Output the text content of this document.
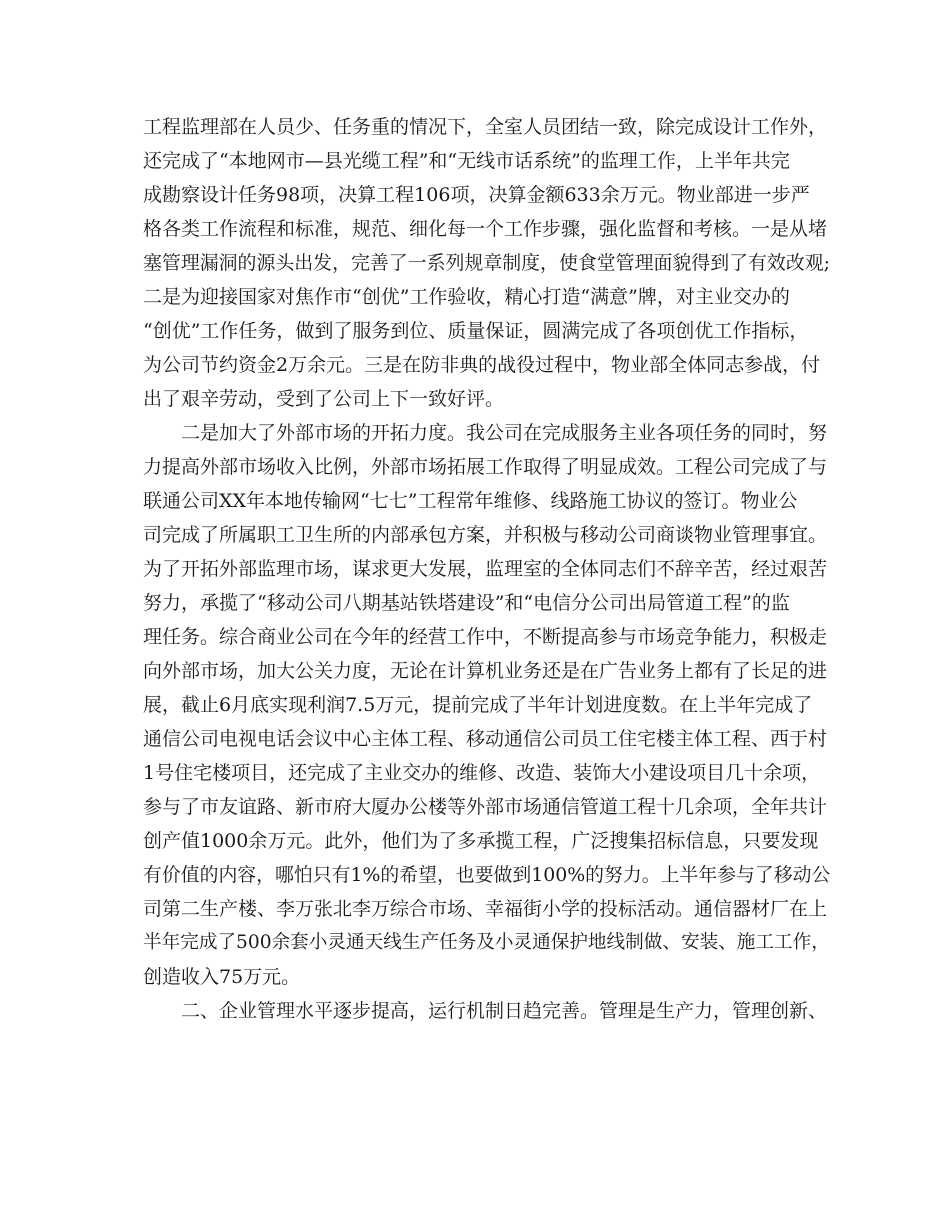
工程监理部在人员少、任务重的情况下，全室人员团结一致，除完成设计工作外，
还完成了“本地网市—县光缆工程”和“无线市话系统”的监理工作，上半年共完
成勘察设计任务98项，决算工程106项，决算金额633余万元。物业部进一步严
格各类工作流程和标准，规范、细化每一个工作步骤，强化监督和考核。一是从堵
塞管理漏洞的源头出发，完善了一系列规章制度，使食堂管理面貌得到了有效改观;
二是为迎接国家对焦作市“创优”工作验收，精心打造“满意”牌，对主业交办的
“创优”工作任务，做到了服务到位、质量保证，圆满完成了各项创优工作指标，
为公司节约资金2万余元。三是在防非典的战役过程中，物业部全体同志参战，付
出了艰辛劳动，受到了公司上下一致好评。

二是加大了外部市场的开拓力度。我公司在完成服务主业各项任务的同时，努
力提高外部市场收入比例，外部市场拓展工作取得了明显成效。工程公司完成了与
联通公司XX年本地传输网“七七”工程常年维修、线路施工协议的签订。物业公
司完成了所属职工卫生所的内部承包方案，并积极与移动公司商谈物业管理事宜。
为了开拓外部监理市场，谋求更大发展，监理室的全体同志们不辞辛苦，经过艰苦
努力，承揽了“移动公司八期基站铁塔建设”和“电信分公司出局管道工程”的监
理任务。综合商业公司在今年的经营工作中，不断提高参与市场竞争能力，积极走
向外部市场，加大公关力度，无论在计算机业务还是在广告业务上都有了长足的进
展，截止6月底实现利润7.5万元，提前完成了半年计划进度数。在上半年完成了
通信公司电视电话会议中心主体工程、移动通信公司员工住宅楼主体工程、西于村
1号住宅楼项目，还完成了主业交办的维修、改造、装饰大小建设项目几十余项，
参与了市友谊路、新市府大厦办公楼等外部市场通信管道工程十几余项，全年共计
创产值1000余万元。此外，他们为了多承揽工程，广泛搜集招标信息，只要发现
有价值的内容，哪怕只有1%的希望，也要做到100%的努力。上半年参与了移动公
司第二生产楼、李万张北李万综合市场、幸福街小学的投标活动。通信器材厂在上
半年完成了500余套小灵通天线生产任务及小灵通保护地线制做、安装、施工工作，
创造收入75万元。

二、企业管理水平逐步提高，运行机制日趋完善。管理是生产力，管理创新、
